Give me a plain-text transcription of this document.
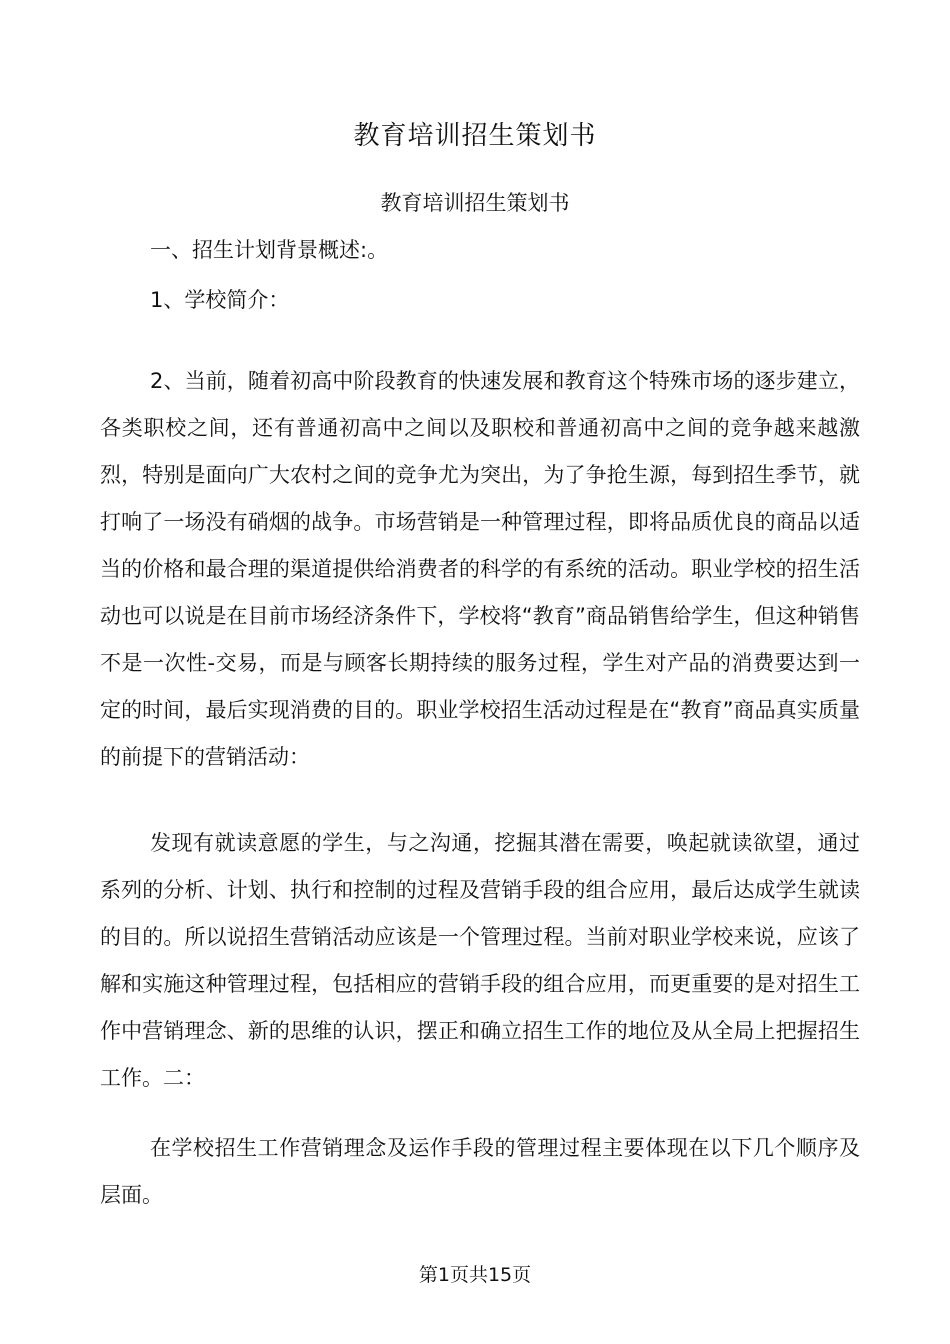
教育培训招生策划书
教育培训招生策划书
一、招生计划背景概述:。
1、学校简介：

2、当前，随着初高中阶段教育的快速发展和教育这个特殊市场的逐步建立，各类职校之间，还有普通初高中之间以及职校和普通初高中之间的竞争越来越激烈，特别是面向广大农村之间的竞争尤为突出，为了争抢生源，每到招生季节，就打响了一场没有硝烟的战争。市场营销是一种管理过程，即将品质优良的商品以适当的价格和最合理的渠道提供给消费者的科学的有系统的活动。职业学校的招生活动也可以说是在目前市场经济条件下，学校将“教育”商品销售给学生，但这种销售不是一次性-交易，而是与顾客长期持续的服务过程，学生对产品的消费要达到一定的时间，最后实现消费的目的。职业学校招生活动过程是在“教育”商品真实质量的前提下的营销活动：

发现有就读意愿的学生，与之沟通，挖掘其潜在需要，唤起就读欲望，通过系列的分析、计划、执行和控制的过程及营销手段的组合应用，最后达成学生就读的目的。所以说招生营销活动应该是一个管理过程。当前对职业学校来说，应该了解和实施这种管理过程，包括相应的营销手段的组合应用，而更重要的是对招生工作中营销理念、新的思维的认识，摆正和确立招生工作的地位及从全局上把握招生工作。二：

在学校招生工作营销理念及运作手段的管理过程主要体现在以下几个顺序及层面。

第1页共15页
